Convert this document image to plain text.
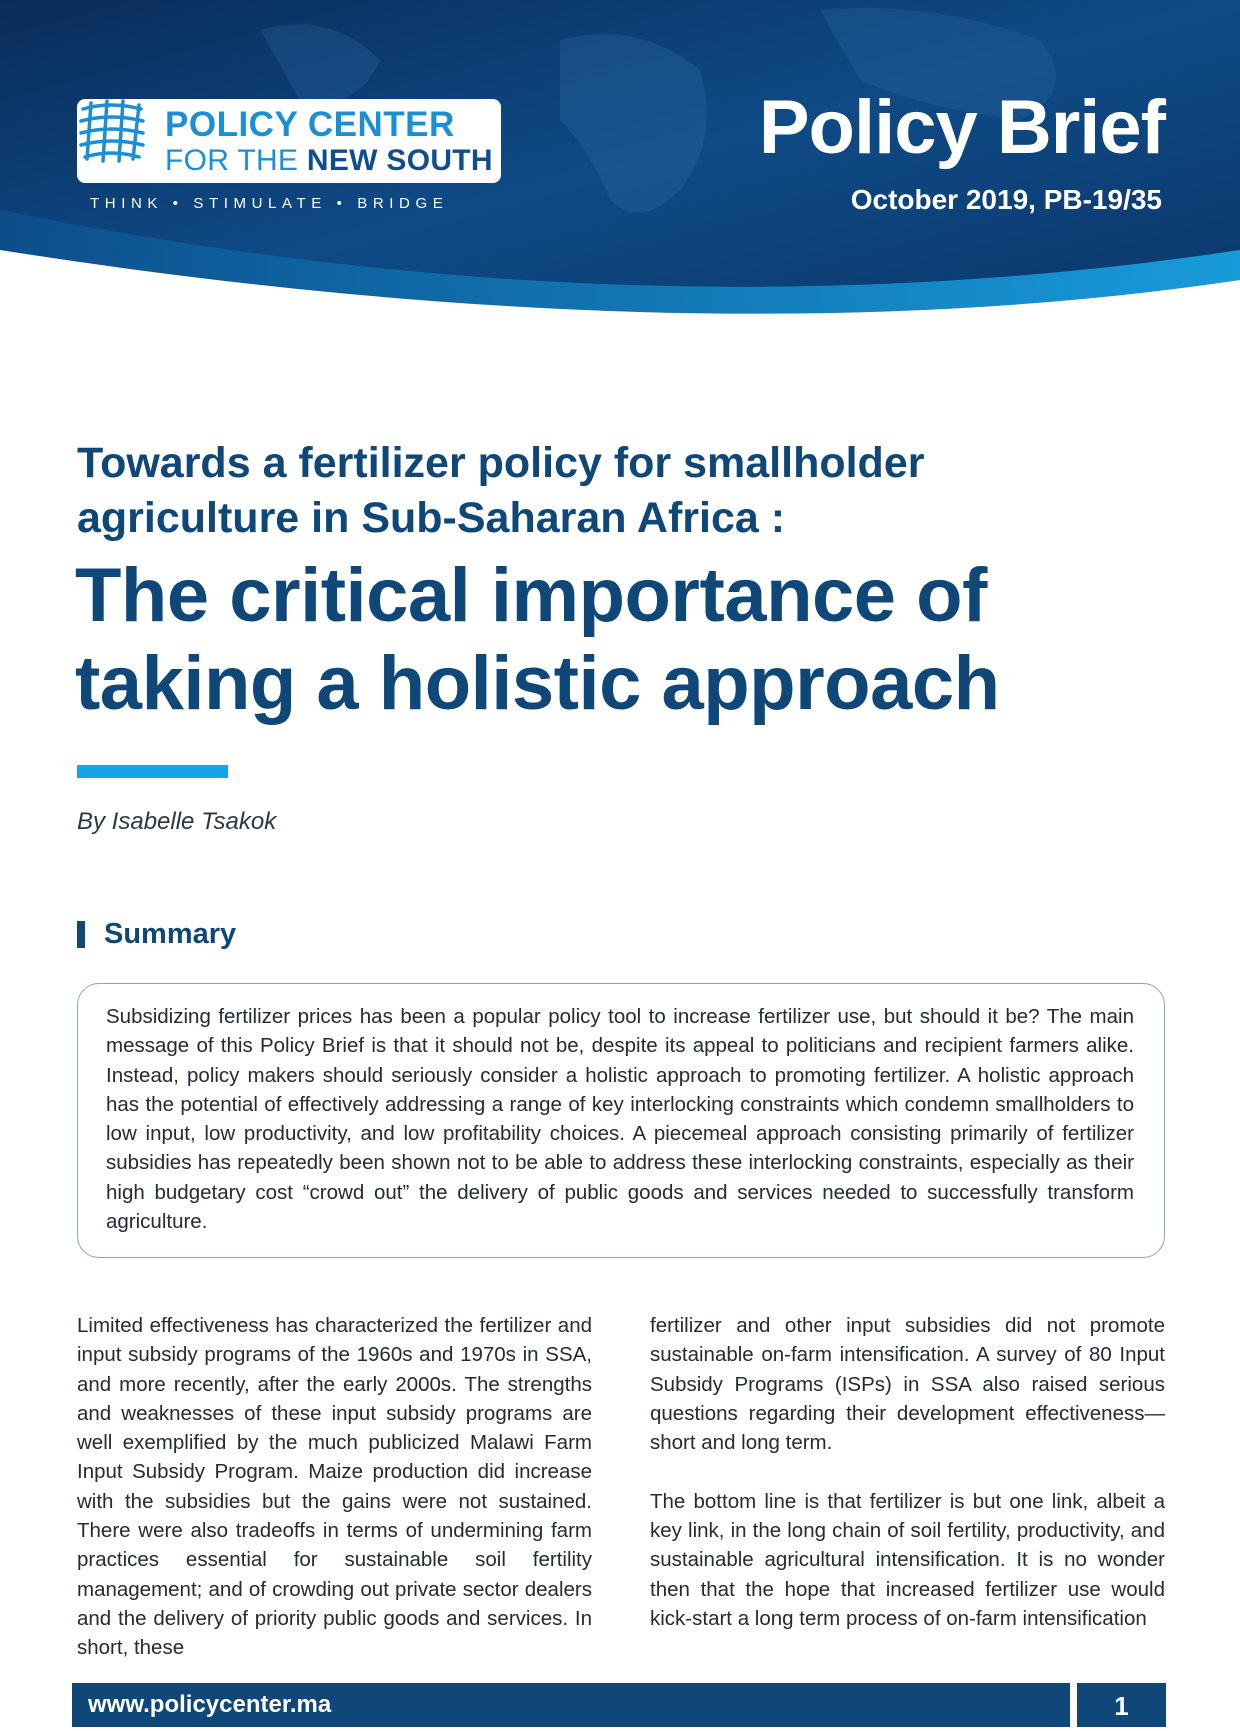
POLICY CENTER
FOR THE NEW SOUTH
THINK • STIMULATE • BRIDGE
Policy Brief
October 2019, PB-19/35
Towards a fertilizer policy for smallholder agriculture in Sub-Saharan Africa :
The critical importance of taking a holistic approach
By Isabelle Tsakok
Summary

Subsidizing fertilizer prices has been a popular policy tool to increase fertilizer use, but should it be? The main message of this Policy Brief is that it should not be, despite its appeal to politicians and recipient farmers alike. Instead, policy makers should seriously consider a holistic approach to promoting fertilizer. A holistic approach has the potential of effectively addressing a range of key interlocking constraints which condemn smallholders to low input, low productivity, and low profitability choices. A piecemeal approach consisting primarily of fertilizer subsidies has repeatedly been shown not to be able to address these interlocking constraints, especially as their high budgetary cost “crowd out” the delivery of public goods and services needed to successfully transform agriculture.

Limited effectiveness has characterized the fertilizer and input subsidy programs of the 1960s and 1970s in SSA, and more recently, after the early 2000s. The strengths and weaknesses of these input subsidy programs are well exemplified by the much publicized Malawi Farm Input Subsidy Program. Maize production did increase with the subsidies but the gains were not sustained. There were also tradeoffs in terms of undermining farm practices essential for sustainable soil fertility management; and of crowding out private sector dealers and the delivery of priority public goods and services. In short, these

fertilizer and other input subsidies did not promote sustainable on-farm intensification. A survey of 80 Input Subsidy Programs (ISPs) in SSA also raised serious questions regarding their development effectiveness—short and long term.

The bottom line is that fertilizer is but one link, albeit a key link, in the long chain of soil fertility, productivity, and sustainable agricultural intensification. It is no wonder then that the hope that increased fertilizer use would kick-start a long term process of on-farm intensification

www.policycenter.ma	1
